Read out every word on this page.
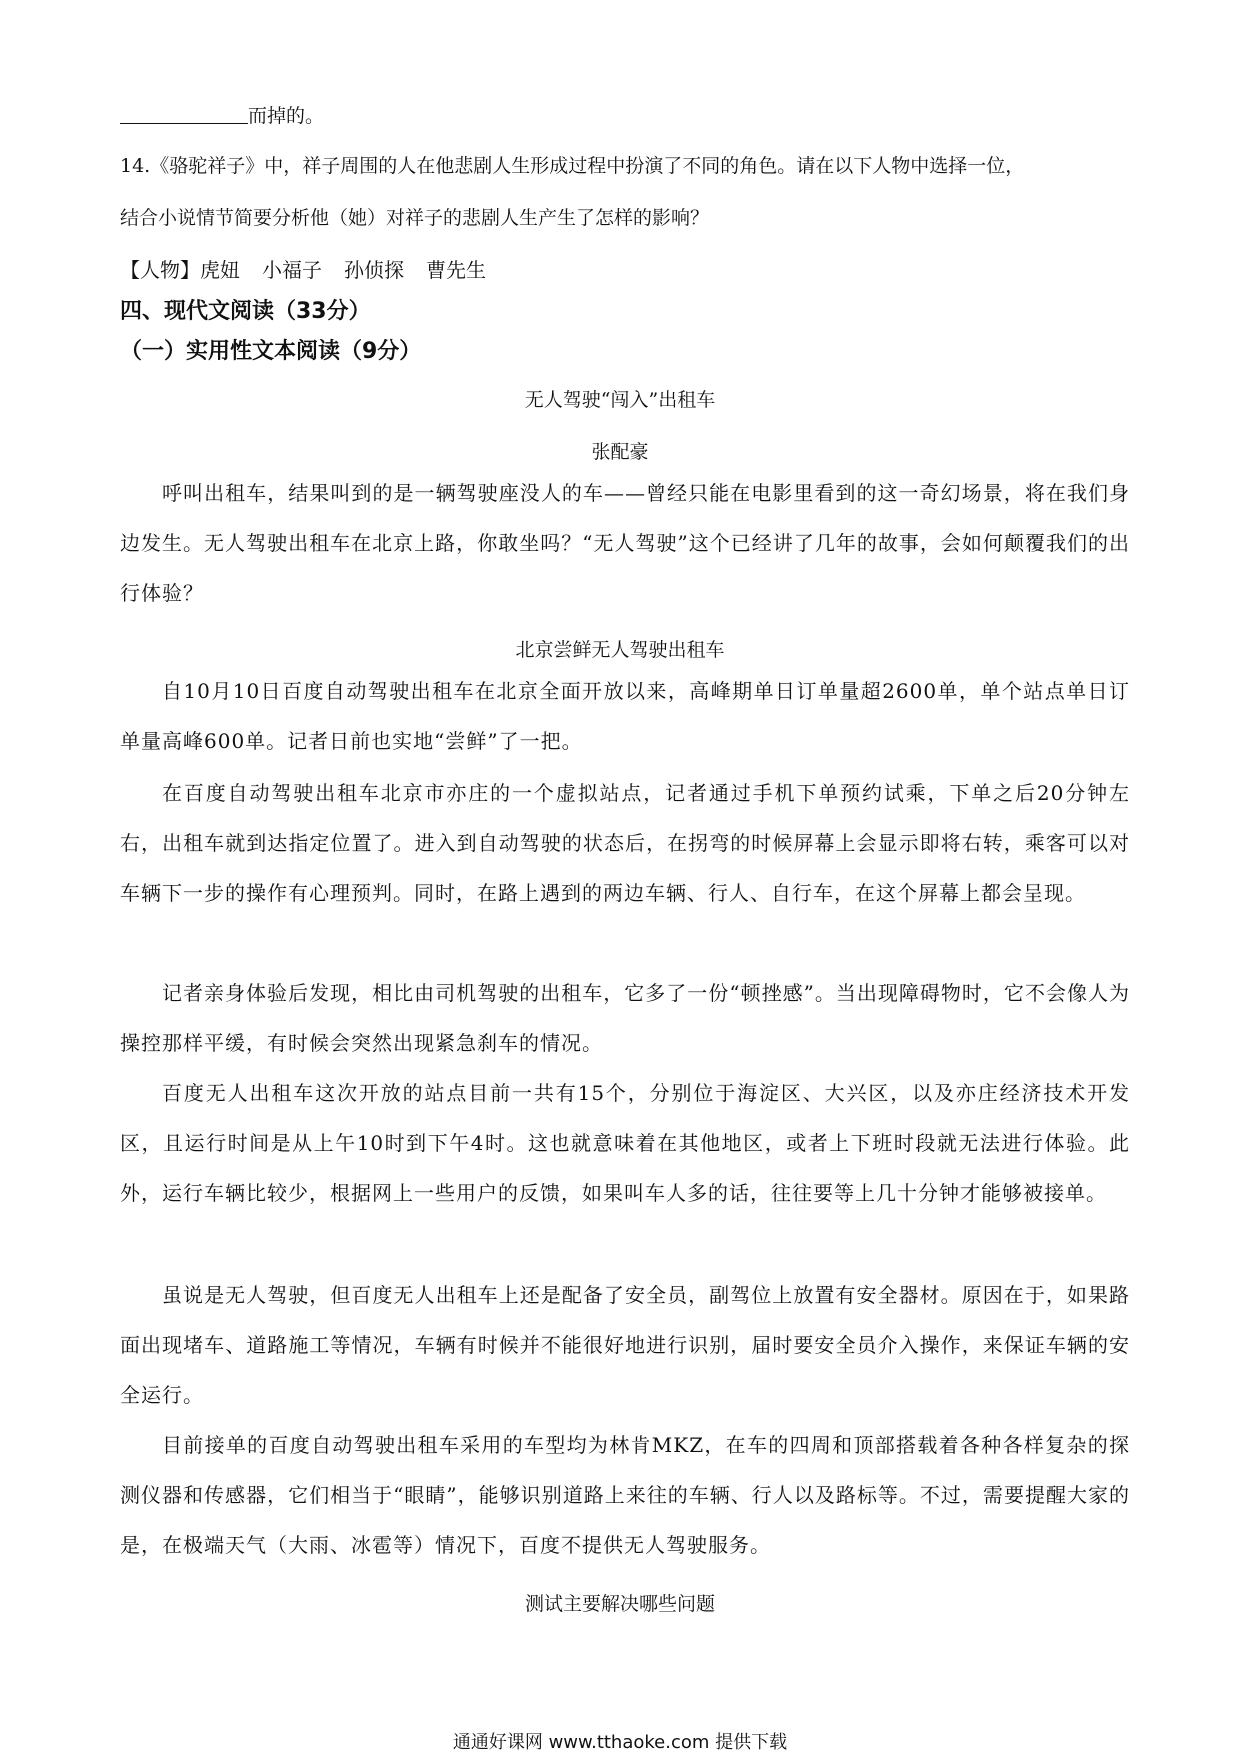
而掉的。
14.《骆驼祥子》中，祥子周围的人在他悲剧人生形成过程中扮演了不同的角色。请在以下人物中选择一位，
结合小说情节简要分析他（她）对祥子的悲剧人生产生了怎样的影响？
【人物】虎妞 小福子 孙侦探 曹先生
四、现代文阅读（33分）
（一）实用性文本阅读（9分）
无人驾驶“闯入”出租车
张配豪
呼叫出租车，结果叫到的是一辆驾驶座没人的车——曾经只能在电影里看到的这一奇幻场景，将在我们身边发生。无人驾驶出租车在北京上路，你敢坐吗？“无人驾驶”这个已经讲了几年的故事，会如何颠覆我们的出行体验？
北京尝鲜无人驾驶出租车
自10月10日百度自动驾驶出租车在北京全面开放以来，高峰期单日订单量超2600单，单个站点单日订单量高峰600单。记者日前也实地“尝鲜”了一把。
在百度自动驾驶出租车北京市亦庄的一个虚拟站点，记者通过手机下单预约试乘，下单之后20分钟左右，出租车就到达指定位置了。进入到自动驾驶的状态后，在拐弯的时候屏幕上会显示即将右转，乘客可以对车辆下一步的操作有心理预判。同时，在路上遇到的两边车辆、行人、自行车，在这个屏幕上都会呈现。
记者亲身体验后发现，相比由司机驾驶的出租车，它多了一份“顿挫感”。当出现障碍物时，它不会像人为操控那样平缓，有时候会突然出现紧急刹车的情况。
百度无人出租车这次开放的站点目前一共有15个，分别位于海淀区、大兴区，以及亦庄经济技术开发区，且运行时间是从上午10时到下午4时。这也就意味着在其他地区，或者上下班时段就无法进行体验。此外，运行车辆比较少，根据网上一些用户的反馈，如果叫车人多的话，往往要等上几十分钟才能够被接单。
虽说是无人驾驶，但百度无人出租车上还是配备了安全员，副驾位上放置有安全器材。原因在于，如果路面出现堵车、道路施工等情况，车辆有时候并不能很好地进行识别，届时要安全员介入操作，来保证车辆的安全运行。
目前接单的百度自动驾驶出租车采用的车型均为林肯MKZ，在车的四周和顶部搭载着各种各样复杂的探测仪器和传感器，它们相当于“眼睛”，能够识别道路上来往的车辆、行人以及路标等。不过，需要提醒大家的是，在极端天气（大雨、冰雹等）情况下，百度不提供无人驾驶服务。
测试主要解决哪些问题
通通好课网 www.tthaoke.com 提供下载
